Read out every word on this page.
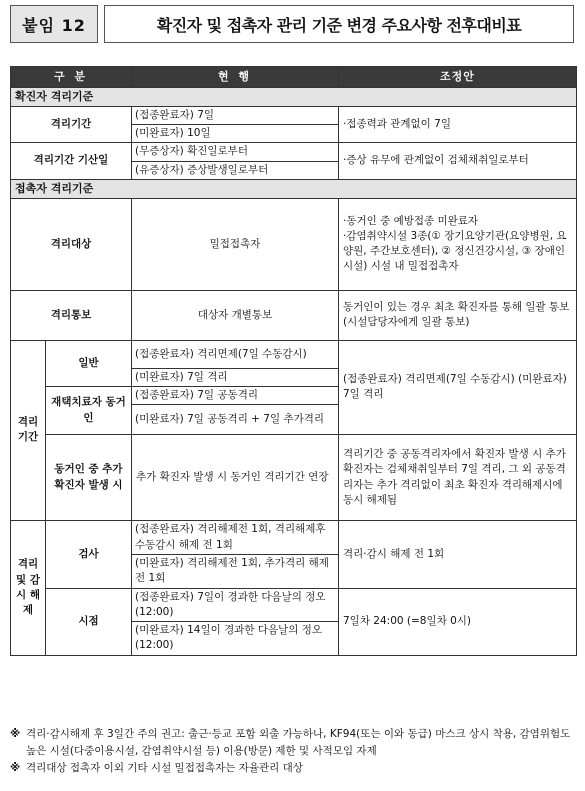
붙임 12	확진자 및 접촉자 관리 기준 변경 주요사항 전후대비표
구 분		현 행	조정안
확진자 격리기준			
격리기간		(접종완료자) 7일	·접종력과 관계없이 7일
		(미완료자) 10일	
격리기간 기산일		(무증상자) 확진일로부터	·증상 유무에 관계없이 검체채취일로부터
		(유증상자) 증상발생일로부터	
접촉자 격리기준			
격리대상		밀접접촉자	·동거인 중 예방접종 미완료자
·감염취약시설 3종(① 장기요양기관(요양병원, 요양원, 주간보호센터), ② 정신건강시설, ③ 장애인시설) 시설 내 밀접접촉자

격리통보		대상자 개별통보	동거인이 있는 경우 최초 확진자를 통해 일괄 통보 (시설담당자에게 일괄 통보)
격리 기간	일반	(접종완료자) 격리면제(7일 수동감시)	(접종완료자) 격리면제(7일 수동감시) (미완료자) 7일 격리
		(미완료자) 7일 격리	
	재택치료자 동거인	(접종완료자) 7일 공동격리	
		(미완료자) 7일 공동격리 + 7일 추가격리	
	동거인 중 추가확진자 발생 시	추가 확진자 발생 시 동거인 격리기간 연장	격리기간 중 공동격리자에서 확진자 발생 시 추가 확진자는 검체채취일부터 7일 격리, 그 외 공동격리자는 추가 격리없이 최초 확진자 격리해제시에 동시 해제됨
격리 및 감시 해제	검사	(접종완료자) 격리해제전 1회, 격리해제후 수동감시 해제 전 1회	격리·감시 해제 전 1회
		(미완료자) 격리해제전 1회, 추가격리 해제 전 1회	
	시점	(접종완료자) 7일이 경과한 다음날의 정오(12:00)	7일차 24:00 (=8일차 0시)
		(미완료자) 14일이 경과한 다음날의 정오(12:00)	
※ 격리·감시해제 후 3일간 주의 권고: 출근·등교 포함 외출 가능하나, KF94(또는 이와 동급) 마스크 상시 착용, 감염위험도 높은 시설(다중이용시설, 감염취약시설 등) 이용(방문) 제한 및 사적모임 자제
※ 격리대상 접촉자 이외 기타 시설 밀접접촉자는 자율관리 대상
